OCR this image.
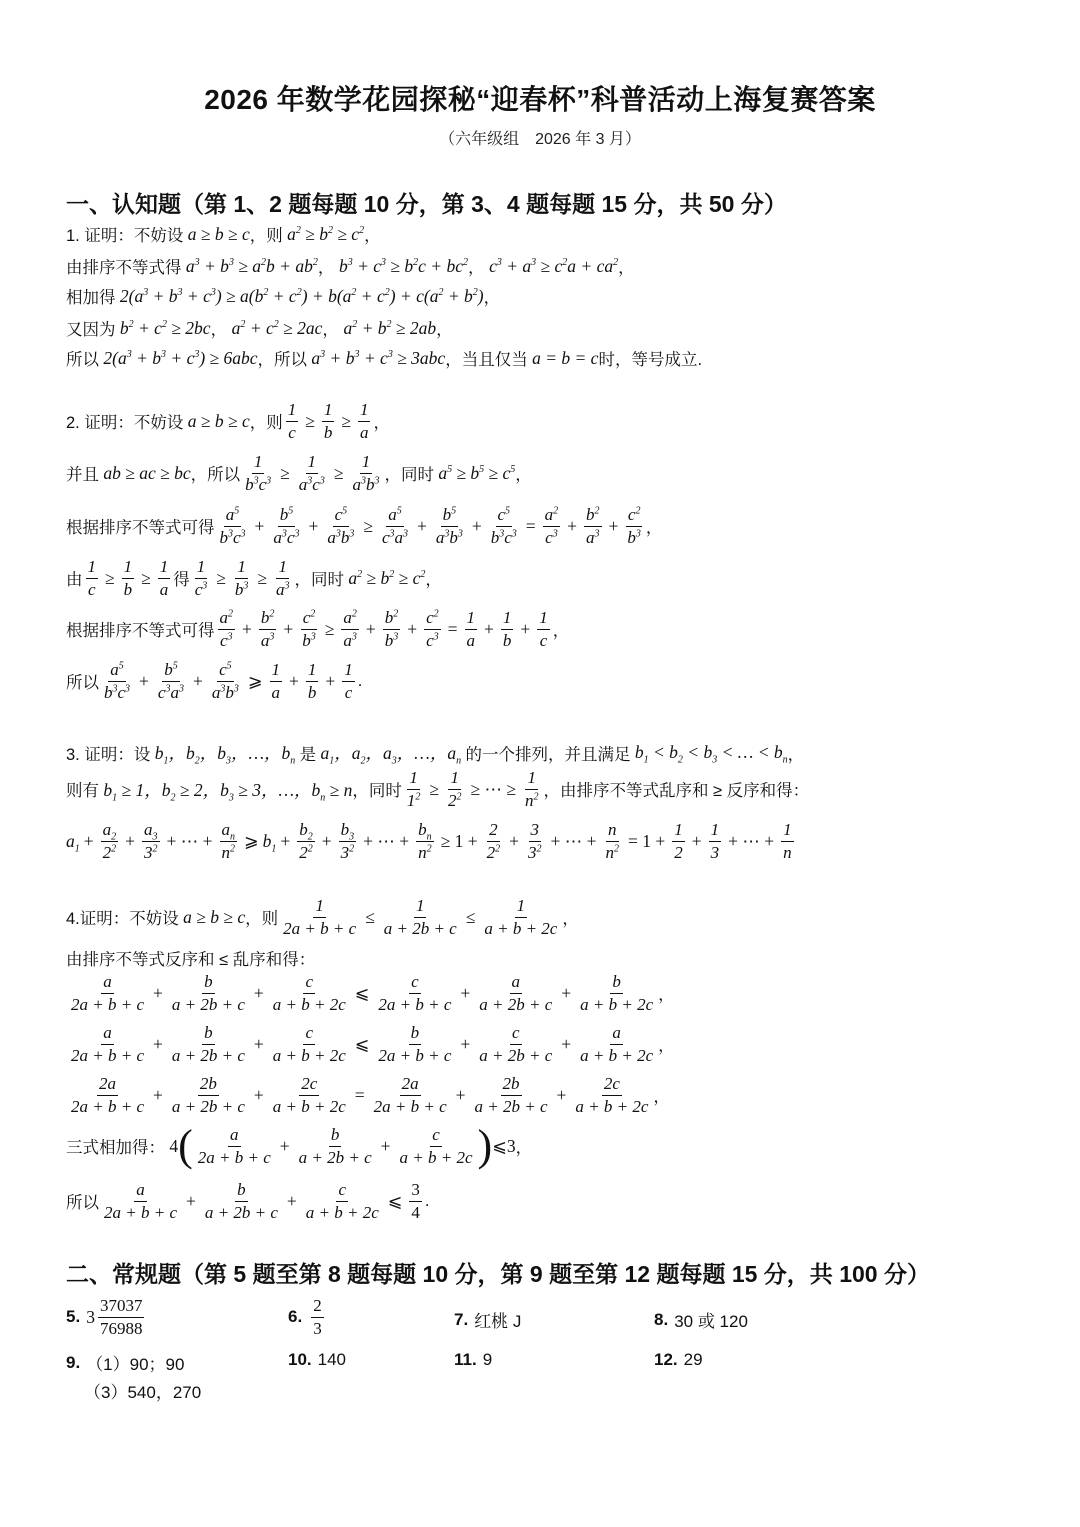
2026 年数学花园探秘“迎春杯”科普活动上海复赛答案
（六年级组　2026 年 3 月）
一、认知题（第 1、2 题每题 10 分，第 3、4 题每题 15 分，共 50 分）
1. 证明：不妨设 a ≥ b ≥ c ，则 $a^2 \ge b^2 \ge c^2$ ，
由排序不等式得 $a^3 + b^3 \ge a^2b + ab^2$ ， $b^3 + c^3 \ge b^2c + bc^2$ ， $c^3 + a^3 \ge c^2a + ca^2$ ，
相加得 $2(a^3 + b^3 + c^3) \ge a(b^2 + c^2) + b(a^2 + c^2) + c(a^2 + b^2)$ ，
又因为 $b^2 + c^2 \ge 2bc$ ， $a^2 + c^2 \ge 2ac$ ， $a^2 + b^2 \ge 2ab$ ，
所以 $2(a^3 + b^3 + c^3) \ge 6abc$ ，所以 $a^3 + b^3 + c^3 \ge 3abc$ ，当且仅当 a = b = c 时，等号成立.
2. 证明：不妨设 a ≥ b ≥ c ，则 $\frac{1}{c} \ge \frac{1}{b} \ge \frac{1}{a}$ ，
并且 ab ≥ ac ≥ bc ，所以 $\frac{1}{b^3c^3} \ge \frac{1}{a^3c^3} \ge \frac{1}{a^3b^3}$ ，同时 $a^5 \ge b^5 \ge c^5$ ，
根据排序不等式可得 $\frac{a^5}{b^3c^3} + \frac{b^5}{a^3c^3} + \frac{c^5}{a^3b^3} \ge \frac{a^5}{c^3a^3} + \frac{b^5}{a^3b^3} + \frac{c^5}{b^3c^3} = \frac{a^2}{c^3} + \frac{b^2}{a^3} + \frac{c^2}{b^3}$ ，
由 $\frac{1}{c} \ge \frac{1}{b} \ge \frac{1}{a}$ 得 $\frac{1}{c^3} \ge \frac{1}{b^3} \ge \frac{1}{a^3}$ ，同时 $a^2 \ge b^2 \ge c^2$ ，
根据排序不等式可得 $\frac{a^2}{c^3} + \frac{b^2}{a^3} + \frac{c^2}{b^3} \ge \frac{a^2}{a^3} + \frac{b^2}{b^3} + \frac{c^2}{c^3} = \frac{1}{a} + \frac{1}{b} + \frac{1}{c}$ ，
所以 $\frac{a^5}{b^3c^3} + \frac{b^5}{c^3a^3} + \frac{c^5}{a^3b^3}$ ⩾ $\frac{1}{a} + \frac{1}{b} + \frac{1}{c}$ .
3. 证明：设 $b_1$，$b_2$，$b_3$，…，$b_n$ 是 $a_1$，$a_2$，$a_3$，…，$a_n$ 的一个排列，并且满足 $b_1 < b_2 < b_3$ < … < $b_n$ ，
则有 $b_1 \ge 1$，$b_2 \ge 2$，$b_3 \ge 3$，…，$b_n \ge n$ ，同时 $\frac{1}{1^2} \ge \frac{1}{2^2}$ ≥ ⋯ ≥ $\frac{1}{n^2}$ ，由排序不等式乱序和 ≥ 反序和得：
$a_1 + \frac{a_2}{2^2} + \frac{a_3}{3^2}$ + ⋯ + $\frac{a_n}{n^2}$ ⩾ $b_1 + \frac{b_2}{2^2} + \frac{b_3}{3^2}$ + ⋯ + $\frac{b_n}{n^2} \ge 1 + \frac{2}{2^2} + \frac{3}{3^2}$ + ⋯ + $\frac{n}{n^2} = 1 + \frac{1}{2} + \frac{1}{3}$ + ⋯ + $\frac{1}{n}$
4.证明：不妨设 a ≥ b ≥ c ，则 $\frac{1}{2a + b + c} \le \frac{1}{a + 2b + c} \le \frac{1}{a + b + 2c}$ ，
由排序不等式反序和 ≤ 乱序和得：
$\frac{a}{2a + b + c} + \frac{b}{a + 2b + c} + \frac{c}{a + b + 2c}$ ⩽ $\frac{c}{2a + b + c} + \frac{a}{a + 2b + c} + \frac{b}{a + b + 2c}$ ，
$\frac{a}{2a + b + c} + \frac{b}{a + 2b + c} + \frac{c}{a + b + 2c}$ ⩽ $\frac{b}{2a + b + c} + \frac{c}{a + 2b + c} + \frac{a}{a + b + 2c}$ ，
$\frac{2a}{2a + b + c} + \frac{2b}{a + 2b + c} + \frac{2c}{a + b + 2c} = \frac{2a}{2a + b + c} + \frac{2b}{a + 2b + c} + \frac{2c}{a + b + 2c}$ ，
三式相加得： 4 ( $\frac{a}{2a + b + c} + \frac{b}{a + 2b + c} + \frac{c}{a + b + 2c}$ ) ⩽3 ，
所以 $\frac{a}{2a + b + c} + \frac{b}{a + 2b + c} + \frac{c}{a + b + 2c}$ ⩽ $\frac{3}{4}$ .
二、常规题（第 5 题至第 8 题每题 10 分，第 9 题至第 12 题每题 15 分，共 100 分）
5. $3 \frac{37037}{76988}$	6. $\frac{2}{3}$	7. 红桃 J	8. 30 或 120
9. （1）90；90	10. 140	11. 9	12. 29
（3）540，270
